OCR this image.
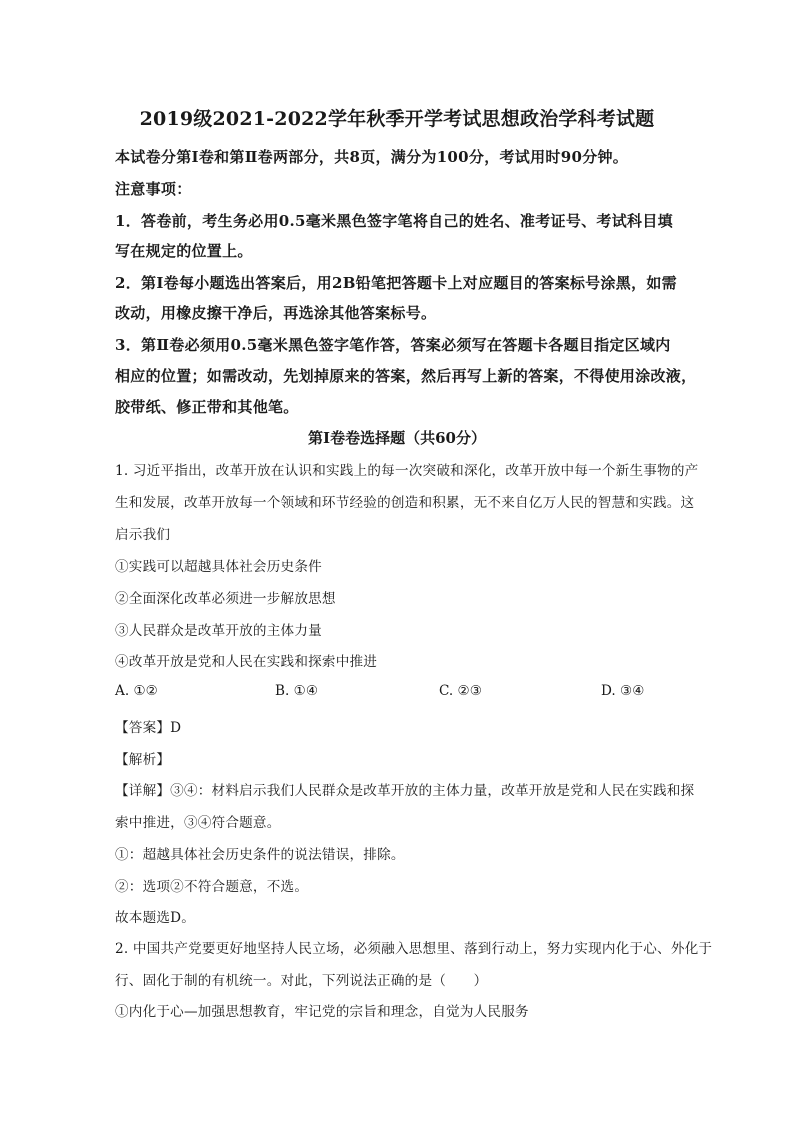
2019级2021-2022学年秋季开学考试思想政治学科考试题
本试卷分第Ⅰ卷和第Ⅱ卷两部分，共8页，满分为100分，考试用时90分钟。
注意事项：
1．答卷前，考生务必用0.5毫米黑色签字笔将自己的姓名、准考证号、考试科目填
写在规定的位置上。
2．第Ⅰ卷每小题选出答案后，用2B铅笔把答题卡上对应题目的答案标号涂黑，如需
改动，用橡皮擦干净后，再选涂其他答案标号。
3．第Ⅱ卷必须用0.5毫米黑色签字笔作答，答案必须写在答题卡各题目指定区域内
相应的位置；如需改动，先划掉原来的答案，然后再写上新的答案，不得使用涂改液，
胶带纸、修正带和其他笔。
第Ⅰ卷卷选择题（共60分）
1. 习近平指出，改革开放在认识和实践上的每一次突破和深化，改革开放中每一个新生事物的产
生和发展，改革开放每一个领域和环节经验的创造和积累，无不来自亿万人民的智慧和实践。这
启示我们
①实践可以超越具体社会历史条件
②全面深化改革必须进一步解放思想
③人民群众是改革开放的主体力量
④改革开放是党和人民在实践和探索中推进
A. ①②	B. ①④	C. ②③	D. ③④
【答案】D
【解析】
【详解】③④：材料启示我们人民群众是改革开放的主体力量，改革开放是党和人民在实践和探
索中推进，③④符合题意。
①：超越具体社会历史条件的说法错误，排除。
②：选项②不符合题意，不选。
故本题选D。
2. 中国共产党要更好地坚持人民立场，必须融入思想里、落到行动上，努力实现内化于心、外化于
行、固化于制的有机统一。对此，下列说法正确的是（　　）
①内化于心—加强思想教育，牢记党的宗旨和理念，自觉为人民服务
